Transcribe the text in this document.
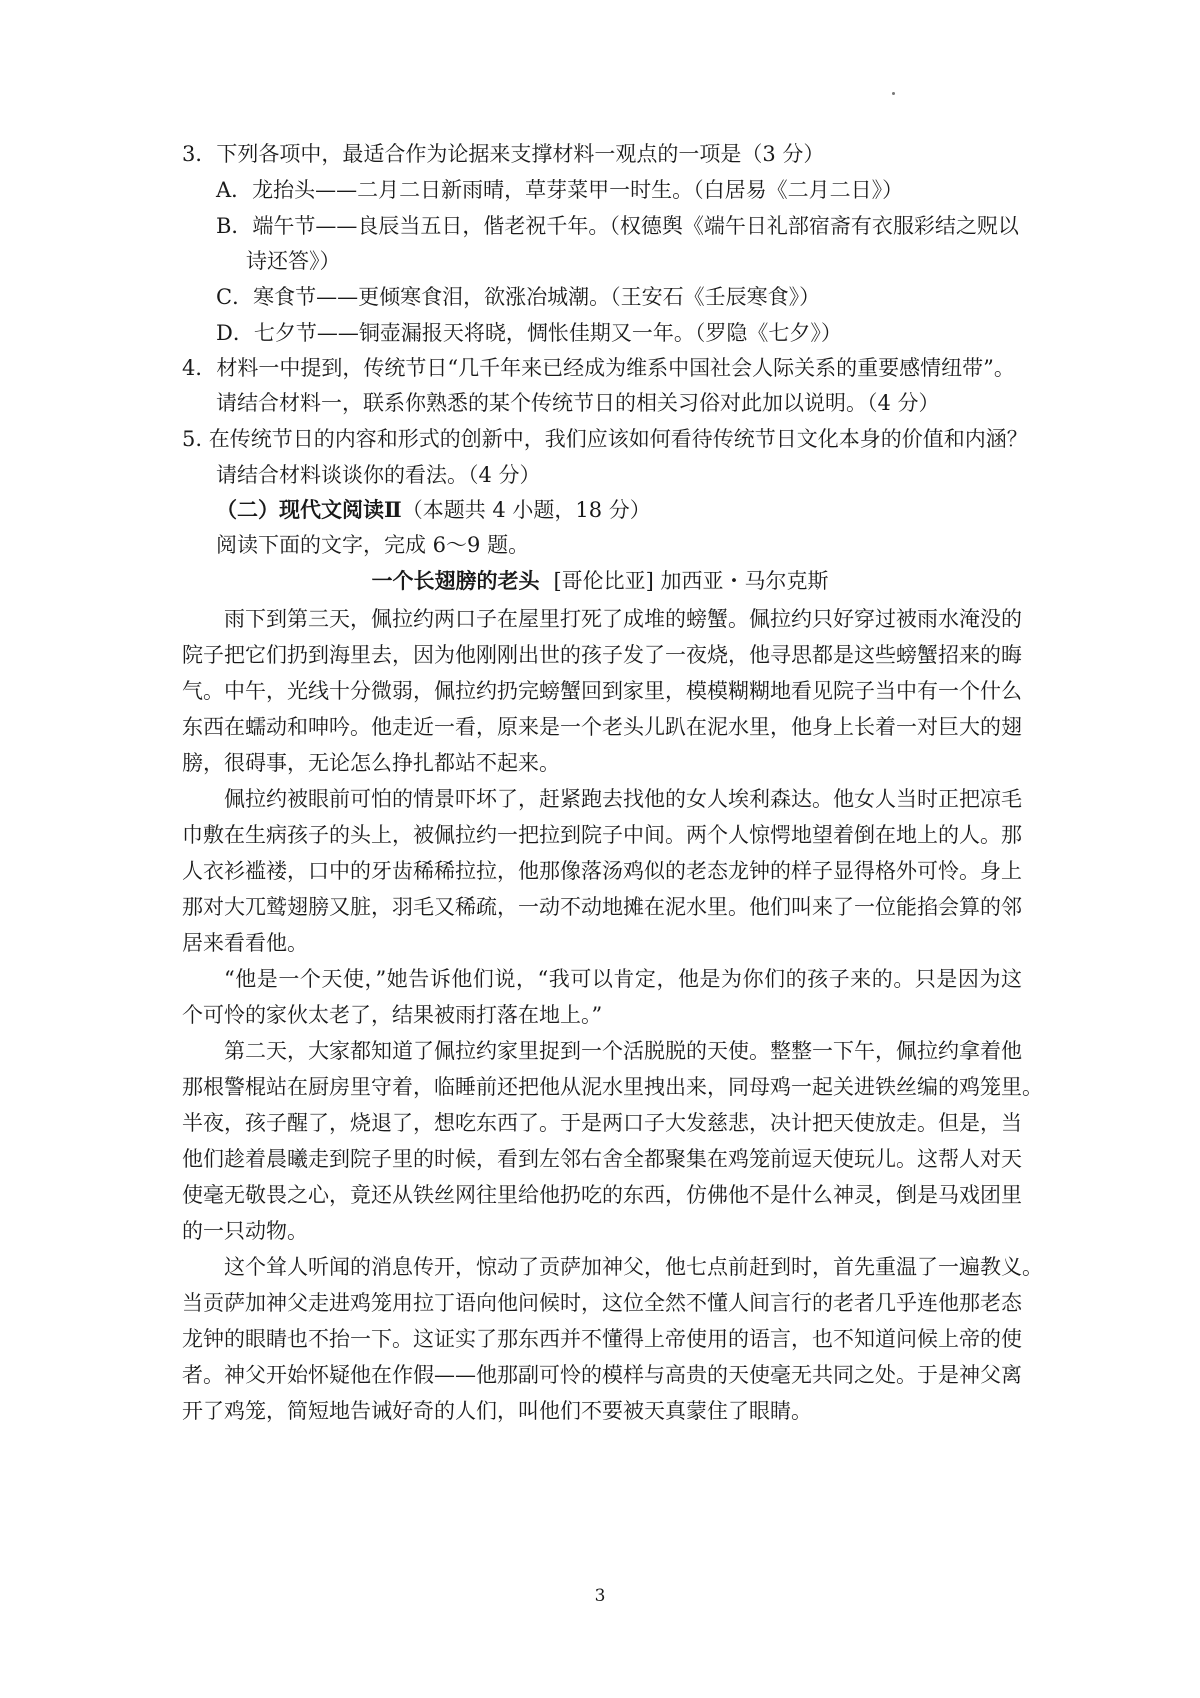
3．下列各项中，最适合作为论据来支撑材料一观点的一项是（3 分）
A．龙抬头——二月二日新雨晴，草芽菜甲一时生。（白居易《二月二日》）
B．端午节——良辰当五日，偕老祝千年。（权德舆《端午日礼部宿斋有衣服彩结之贶以
诗还答》）
C．寒食节——更倾寒食泪，欲涨冶城潮。（王安石《壬辰寒食》）
D．七夕节——铜壶漏报天将晓，惆怅佳期又一年。（罗隐《七夕》）
4．材料一中提到，传统节日“几千年来已经成为维系中国社会人际关系的重要感情纽带”。
请结合材料一，联系你熟悉的某个传统节日的相关习俗对此加以说明。（4 分）
5. 在传统节日的内容和形式的创新中，我们应该如何看待传统节日文化本身的价值和内涵？
请结合材料谈谈你的看法。（4 分）
（二）现代文阅读Ⅱ（本题共 4 小题，18 分）
阅读下面的文字，完成 6～9 题。
一个长翅膀的老头 [哥伦比亚] 加西亚・马尔克斯
雨下到第三天，佩拉约两口子在屋里打死了成堆的螃蟹。佩拉约只好穿过被雨水淹没的
院子把它们扔到海里去，因为他刚刚出世的孩子发了一夜烧，他寻思都是这些螃蟹招来的晦
气。中午，光线十分微弱，佩拉约扔完螃蟹回到家里，模模糊糊地看见院子当中有一个什么
东西在蠕动和呻吟。他走近一看，原来是一个老头儿趴在泥水里，他身上长着一对巨大的翅
膀，很碍事，无论怎么挣扎都站不起来。
佩拉约被眼前可怕的情景吓坏了，赶紧跑去找他的女人埃利森达。他女人当时正把凉毛
巾敷在生病孩子的头上，被佩拉约一把拉到院子中间。两个人惊愕地望着倒在地上的人。那
人衣衫褴褛，口中的牙齿稀稀拉拉，他那像落汤鸡似的老态龙钟的样子显得格外可怜。身上
那对大兀鹫翅膀又脏，羽毛又稀疏，一动不动地摊在泥水里。他们叫来了一位能掐会算的邻
居来看看他。
“他是一个天使，”她告诉他们说，“我可以肯定，他是为你们的孩子来的。只是因为这
个可怜的家伙太老了，结果被雨打落在地上。”
第二天，大家都知道了佩拉约家里捉到一个活脱脱的天使。整整一下午，佩拉约拿着他
那根警棍站在厨房里守着，临睡前还把他从泥水里拽出来，同母鸡一起关进铁丝编的鸡笼里。
半夜，孩子醒了，烧退了，想吃东西了。于是两口子大发慈悲，决计把天使放走。但是，当
他们趁着晨曦走到院子里的时候，看到左邻右舍全都聚集在鸡笼前逗天使玩儿。这帮人对天
使毫无敬畏之心，竟还从铁丝网往里给他扔吃的东西，仿佛他不是什么神灵，倒是马戏团里
的一只动物。
这个耸人听闻的消息传开，惊动了贡萨加神父，他七点前赶到时，首先重温了一遍教义。
当贡萨加神父走进鸡笼用拉丁语向他问候时，这位全然不懂人间言行的老者几乎连他那老态
龙钟的眼睛也不抬一下。这证实了那东西并不懂得上帝使用的语言，也不知道问候上帝的使
者。神父开始怀疑他在作假——他那副可怜的模样与高贵的天使毫无共同之处。于是神父离
开了鸡笼，简短地告诫好奇的人们，叫他们不要被天真蒙住了眼睛。
3
